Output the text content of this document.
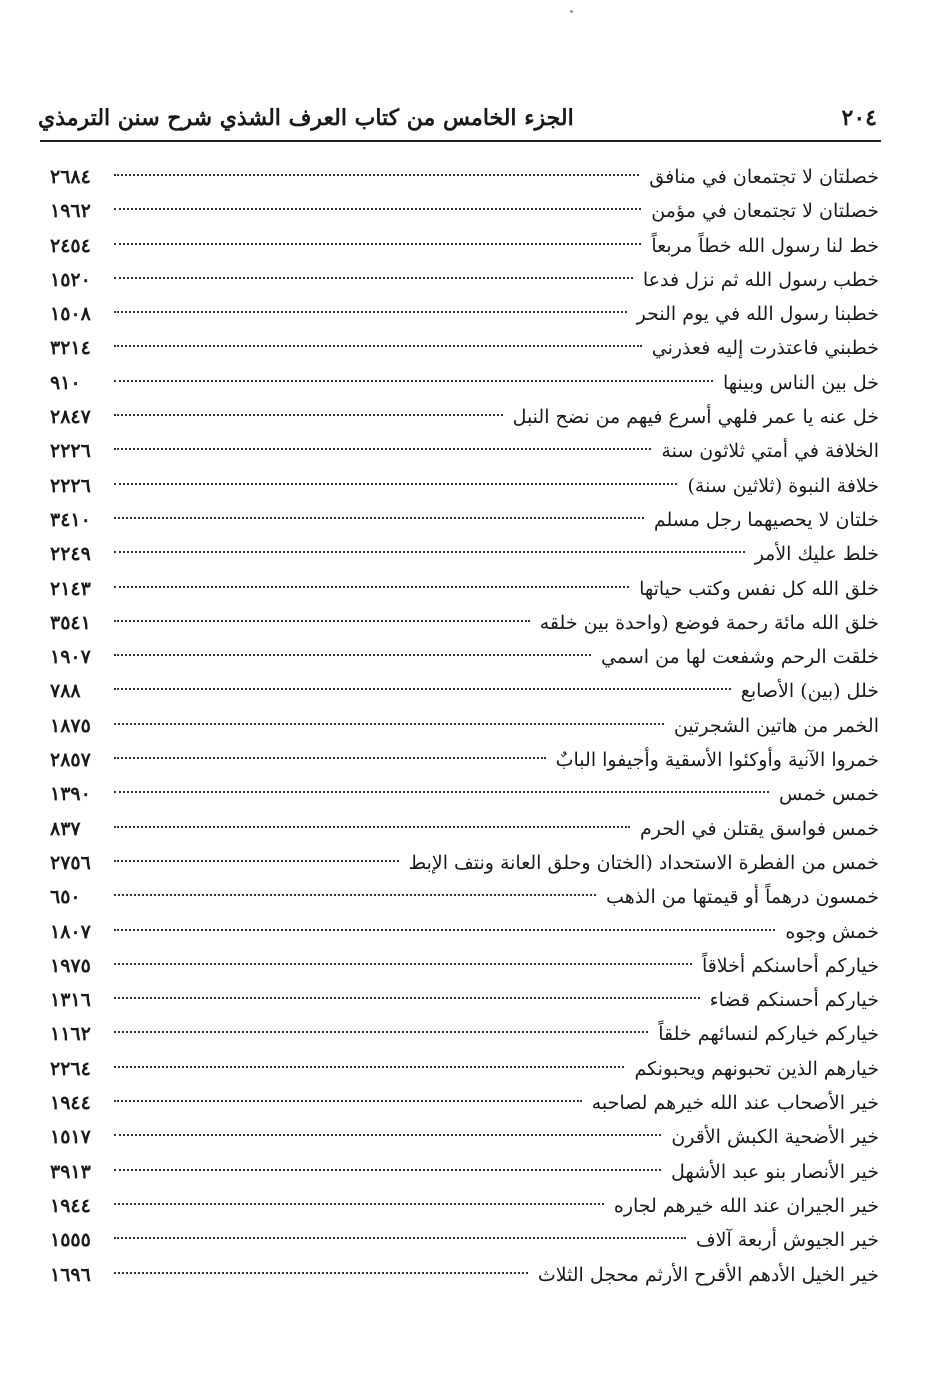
٢٠٤
الجزء الخامس من كتاب العرف الشذي شرح سنن الترمذي
خصلتان لا تجتمعان في منافق
٢٦٨٤
خصلتان لا تجتمعان في مؤمن
١٩٦٢
خط لنا رسول الله خطاً مربعاً
٢٤٥٤
خطب رسول الله ثم نزل فدعا
١٥٢٠
خطبنا رسول الله في يوم النحر
١٥٠٨
خطبني فاعتذرت إليه فعذرني
٣٢١٤
خل بين الناس وبينها
٩١٠
خل عنه يا عمر فلهي أسرع فيهم من نضح النبل
٢٨٤٧
الخلافة في أمتي ثلاثون سنة
٢٢٢٦
خلافة النبوة (ثلاثين سنة)
٢٢٢٦
خلتان لا يحصيهما رجل مسلم
٣٤١٠
خلط عليك الأمر
٢٢٤٩
خلق الله كل نفس وكتب حياتها
٢١٤٣
خلق الله مائة رحمة فوضع (واحدة بين خلقه
٣٥٤١
خلقت الرحم وشفعت لها من اسمي
١٩٠٧
خلل (بين) الأصابع
٧٨٨
الخمر من هاتين الشجرتين
١٨٧٥
خمروا الآنية وأوكئوا الأسقية وأجيفوا البابٌ
٢٨٥٧
خمس خمس
١٣٩٠
خمس فواسق يقتلن في الحرم
٨٣٧
خمس من الفطرة الاستحداد (الختان وحلق العانة ونتف الإبط
٢٧٥٦
خمسون درهماً أو قيمتها من الذهب
٦٥٠
خمش وجوه
١٨٠٧
خياركم أحاسنكم أخلاقاً
١٩٧٥
خياركم أحسنكم قضاء
١٣١٦
خياركم خياركم لنسائهم خلقاً
١١٦٢
خيارهم الذين تحبونهم ويحبونكم
٢٢٦٤
خير الأصحاب عند الله خيرهم لصاحبه
١٩٤٤
خير الأضحية الكبش الأقرن
١٥١٧
خير الأنصار بنو عبد الأشهل
٣٩١٣
خير الجيران عند الله خيرهم لجاره
١٩٤٤
خير الجيوش أربعة آلاف
١٥٥٥
خير الخيل الأدهم الأقرح الأرثم محجل الثلاث
١٦٩٦
